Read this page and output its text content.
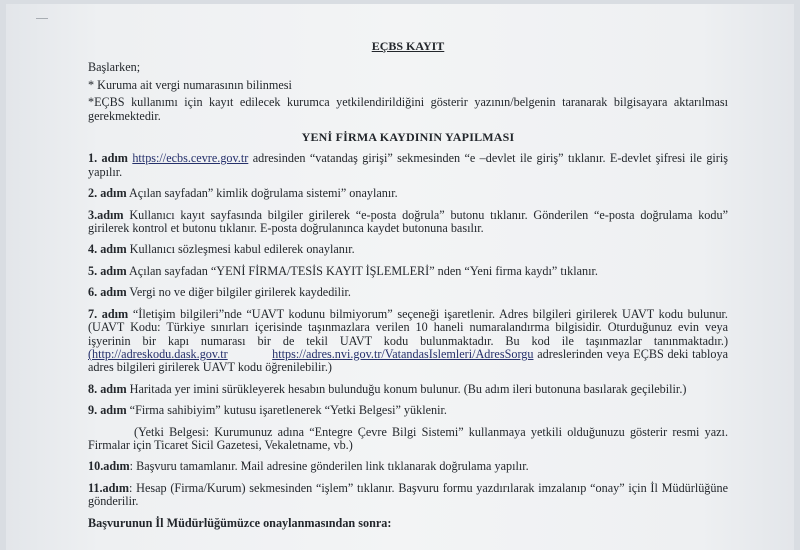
EÇBS KAYIT

Başlarken;

* Kuruma ait vergi numarasının bilinmesi

*EÇBS kullanımı için kayıt edilecek kurumca yetkilendirildiğini gösterir yazının/belgenin taranarak bilgisayara aktarılması gerekmektedir.

YENİ FİRMA KAYDININ YAPILMASI

1. adım https://ecbs.cevre.gov.tr adresinden “vatandaş girişi” sekmesinden “e –devlet ile giriş” tıklanır. E-devlet şifresi ile giriş yapılır.

2. adım Açılan sayfadan” kimlik doğrulama sistemi” onaylanır.

3.adım Kullanıcı kayıt sayfasında bilgiler girilerek “e-posta doğrula” butonu tıklanır. Gönderilen “e-posta doğrulama kodu” girilerek kontrol et butonu tıklanır. E-posta doğrulanınca kaydet butonuna basılır.

4. adım Kullanıcı sözleşmesi kabul edilerek onaylanır.

5. adım Açılan sayfadan “YENİ FİRMA/TESİS KAYIT İŞLEMLERİ” nden “Yeni firma kaydı” tıklanır.

6. adım Vergi no ve diğer bilgiler girilerek kaydedilir.

7. adım “İletişim bilgileri”nde “UAVT kodunu bilmiyorum” seçeneği işaretlenir. Adres bilgileri girilerek UAVT kodu bulunur. (UAVT Kodu: Türkiye sınırları içerisinde taşınmazlara verilen 10 haneli numaralandırma bilgisidir. Oturduğunuz evin veya işyerinin bir kapı numarası bir de tekil UAVT kodu bulunmaktadır. Bu kod ile taşınmazlar tanınmaktadır.) (http://adreskodu.dask.gov.tr	https://adres.nvi.gov.tr/VatandasIslemleri/AdresSorgu adreslerinden veya EÇBS deki tabloya adres bilgileri girilerek UAVT kodu öğrenilebilir.)

8. adım Haritada yer imini sürükleyerek hesabın bulunduğu konum bulunur. (Bu adım ileri butonuna basılarak geçilebilir.)

9. adım “Firma sahibiyim” kutusu işaretlenerek “Yetki Belgesi” yüklenir.

(Yetki Belgesi: Kurumunuz adına “Entegre Çevre Bilgi Sistemi” kullanmaya yetkili olduğunuzu gösterir resmi yazı. Firmalar için Ticaret Sicil Gazetesi, Vekaletname, vb.)

10.adım: Başvuru tamamlanır. Mail adresine gönderilen link tıklanarak doğrulama yapılır.

11.adım: Hesap (Firma/Kurum) sekmesinden “işlem” tıklanır. Başvuru formu yazdırılarak imzalanıp “onay” için İl Müdürlüğüne gönderilir.

Başvurunun İl Müdürlüğümüzce onaylanmasından sonra:
